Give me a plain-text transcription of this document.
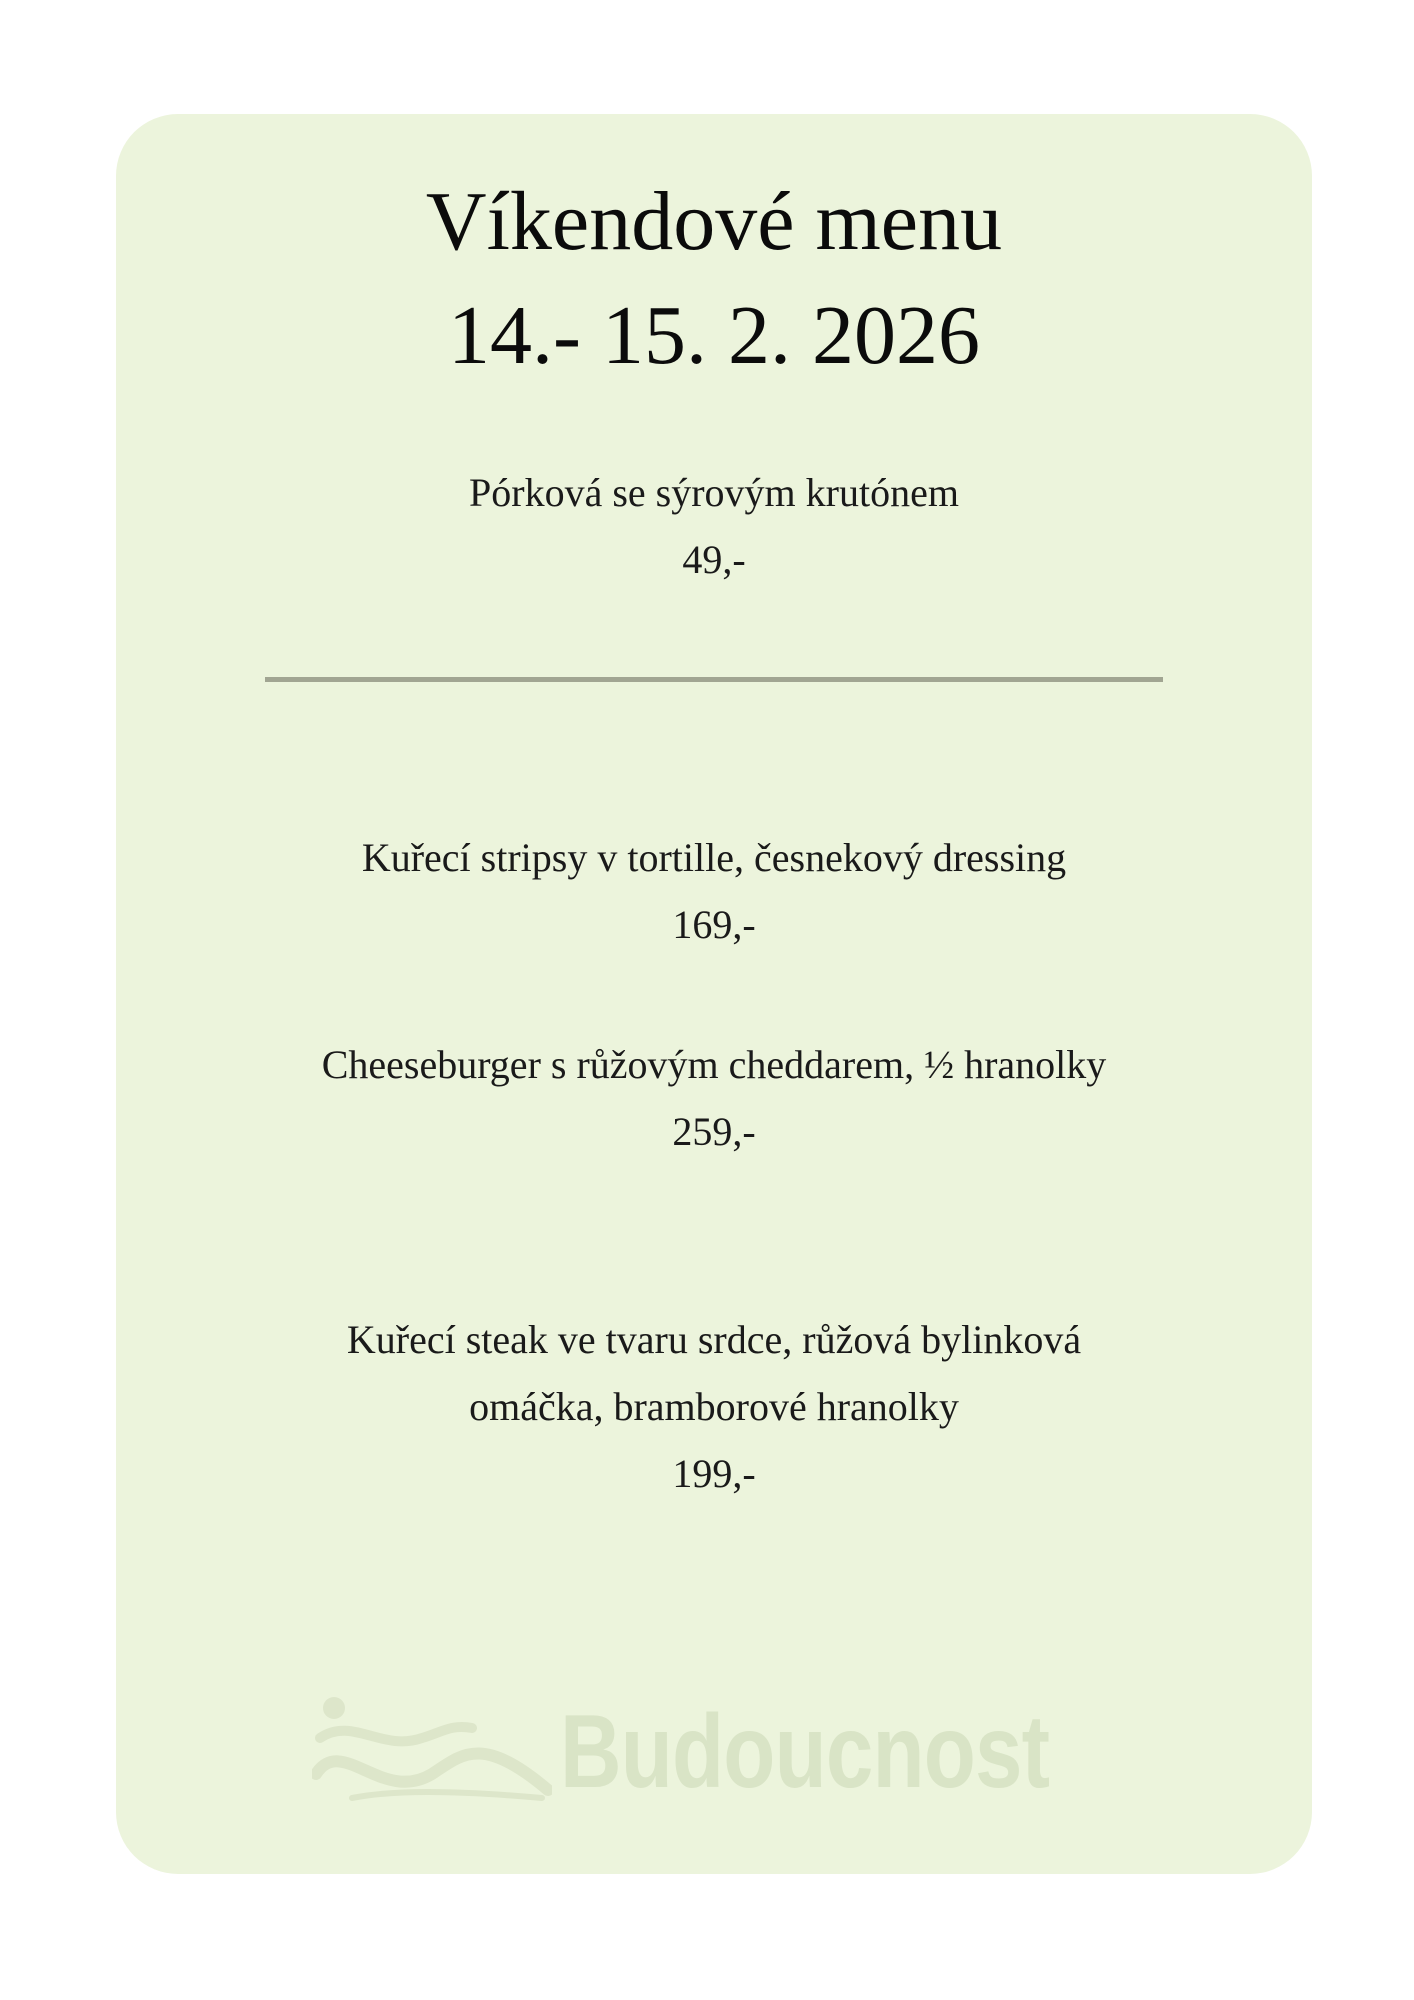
Víkendové menu
14.- 15. 2. 2026
Pórková se sýrovým krutónem
49,-
Kuřecí stripsy v tortille, česnekový dressing
169,-
Cheeseburger s růžovým cheddarem, ½ hranolky
259,-
Kuřecí steak ve tvaru srdce, růžová bylinková omáčka, bramborové hranolky
199,-
Budoucnost
